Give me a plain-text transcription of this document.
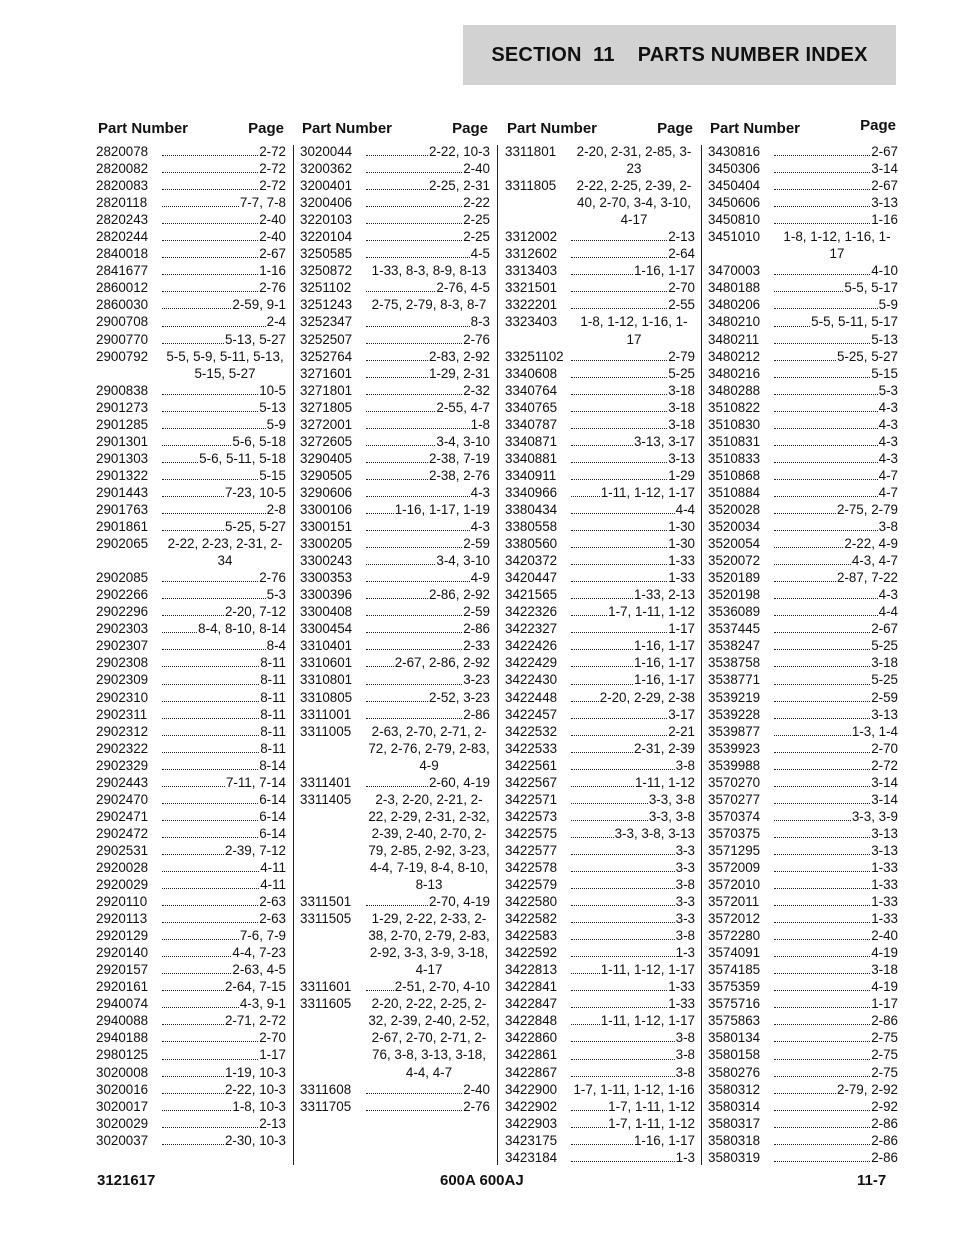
SECTION  11    PARTS NUMBER INDEX
Part Number	Page
2820078	2-72
2820082	2-72
2820083	2-72
2820118	7-7, 7-8
2820243	2-40
2820244	2-40
2840018	2-67
2841677	1-16
2860012	2-76
2860030	2-59, 9-1
2900708	2-4
2900770	5-13, 5-27
2900792	5-5, 5-9, 5-11, 5-13, 5-15, 5-27
2900838	10-5
2901273	5-13
2901285	5-9
2901301	5-6, 5-18
2901303	5-6, 5-11, 5-18
2901322	5-15
2901443	7-23, 10-5
2901763	2-8
2901861	5-25, 5-27
2902065	2-22, 2-23, 2-31, 2-34
2902085	2-76
2902266	5-3
2902296	2-20, 7-12
2902303	8-4, 8-10, 8-14
2902307	8-4
2902308	8-11
2902309	8-11
2902310	8-11
2902311	8-11
2902312	8-11
2902322	8-11
2902329	8-14
2902443	7-11, 7-14
2902470	6-14
2902471	6-14
2902472	6-14
2902531	2-39, 7-12
2920028	4-11
2920029	4-11
2920110	2-63
2920113	2-63
2920129	7-6, 7-9
2920140	4-4, 7-23
2920157	2-63, 4-5
2920161	2-64, 7-15
2940074	4-3, 9-1
2940088	2-71, 2-72
2940188	2-70
2980125	1-17
3020008	1-19, 10-3
3020016	2-22, 10-3
3020017	1-8, 10-3
3020029	2-13
3020037	2-30, 10-3
Part Number	Page
3020044	2-22, 10-3
3200362	2-40
3200401	2-25, 2-31
3200406	2-22
3220103	2-25
3220104	2-25
3250585	4-5
3250872	1-33, 8-3, 8-9, 8-13
3251102	2-76, 4-5
3251243	2-75, 2-79, 8-3, 8-7
3252347	8-3
3252507	2-76
3252764	2-83, 2-92
3271601	1-29, 2-31
3271801	2-32
3271805	2-55, 4-7
3272001	1-8
3272605	3-4, 3-10
3290405	2-38, 7-19
3290505	2-38, 2-76
3290606	4-3
3300106	1-16, 1-17, 1-19
3300151	4-3
3300205	2-59
3300243	3-4, 3-10
3300353	4-9
3300396	2-86, 2-92
3300408	2-59
3300454	2-86
3310401	2-33
3310601	2-67, 2-86, 2-92
3310801	3-23
3310805	2-52, 3-23
3311001	2-86
3311005	2-63, 2-70, 2-71, 2-72, 2-76, 2-79, 2-83, 4-9
3311401	2-60, 4-19
3311405	2-3, 2-20, 2-21, 2-22, 2-29, 2-31, 2-32, 2-39, 2-40, 2-70, 2-79, 2-85, 2-92, 3-23, 4-4, 7-19, 8-4, 8-10, 8-13
3311501	2-70, 4-19
3311505	1-29, 2-22, 2-33, 2-38, 2-70, 2-79, 2-83, 2-92, 3-3, 3-9, 3-18, 4-17
3311601	2-51, 2-70, 4-10
3311605	2-20, 2-22, 2-25, 2-32, 2-39, 2-40, 2-52, 2-67, 2-70, 2-71, 2-76, 3-8, 3-13, 3-18, 4-4, 4-7
3311608	2-40
3311705	2-76
Part Number	Page
3311801	2-20, 2-31, 2-85, 3-23
3311805	2-22, 2-25, 2-39, 2-40, 2-70, 3-4, 3-10, 4-17
3312002	2-13
3312602	2-64
3313403	1-16, 1-17
3321501	2-70
3322201	2-55
3323403	1-8, 1-12, 1-16, 1-17
33251102	2-79
3340608	5-25
3340764	3-18
3340765	3-18
3340787	3-18
3340871	3-13, 3-17
3340881	3-13
3340911	1-29
3340966	1-11, 1-12, 1-17
3380434	4-4
3380558	1-30
3380560	1-30
3420372	1-33
3420447	1-33
3421565	1-33, 2-13
3422326	1-7, 1-11, 1-12
3422327	1-17
3422426	1-16, 1-17
3422429	1-16, 1-17
3422430	1-16, 1-17
3422448	2-20, 2-29, 2-38
3422457	3-17
3422532	2-21
3422533	2-31, 2-39
3422561	3-8
3422567	1-11, 1-12
3422571	3-3, 3-8
3422573	3-3, 3-8
3422575	3-3, 3-8, 3-13
3422577	3-3
3422578	3-3
3422579	3-8
3422580	3-3
3422582	3-3
3422583	3-8
3422592	1-3
3422813	1-11, 1-12, 1-17
3422841	1-33
3422847	1-33
3422848	1-11, 1-12, 1-17
3422860	3-8
3422861	3-8
3422867	3-8
3422900	1-7, 1-11, 1-12, 1-16
3422902	1-7, 1-11, 1-12
3422903	1-7, 1-11, 1-12
3423175	1-16, 1-17
3423184	1-3
Part Number	Page
3430816	2-67
3450306	3-14
3450404	2-67
3450606	3-13
3450810	1-16
3451010	1-8, 1-12, 1-16, 1-17
3470003	4-10
3480188	5-5, 5-17
3480206	5-9
3480210	5-5, 5-11, 5-17
3480211	5-13
3480212	5-25, 5-27
3480216	5-15
3480288	5-3
3510822	4-3
3510830	4-3
3510831	4-3
3510833	4-3
3510868	4-7
3510884	4-7
3520028	2-75, 2-79
3520034	3-8
3520054	2-22, 4-9
3520072	4-3, 4-7
3520189	2-87, 7-22
3520198	4-3
3536089	4-4
3537445	2-67
3538247	5-25
3538758	3-18
3538771	5-25
3539219	2-59
3539228	3-13
3539877	1-3, 1-4
3539923	2-70
3539988	2-72
3570270	3-14
3570277	3-14
3570374	3-3, 3-9
3570375	3-13
3571295	3-13
3572009	1-33
3572010	1-33
3572011	1-33
3572012	1-33
3572280	2-40
3574091	4-19
3574185	3-18
3575359	4-19
3575716	1-17
3575863	2-86
3580134	2-75
3580158	2-75
3580276	2-75
3580312	2-79, 2-92
3580314	2-92
3580317	2-86
3580318	2-86
3580319	2-86
3121617	600A 600AJ	11-7
